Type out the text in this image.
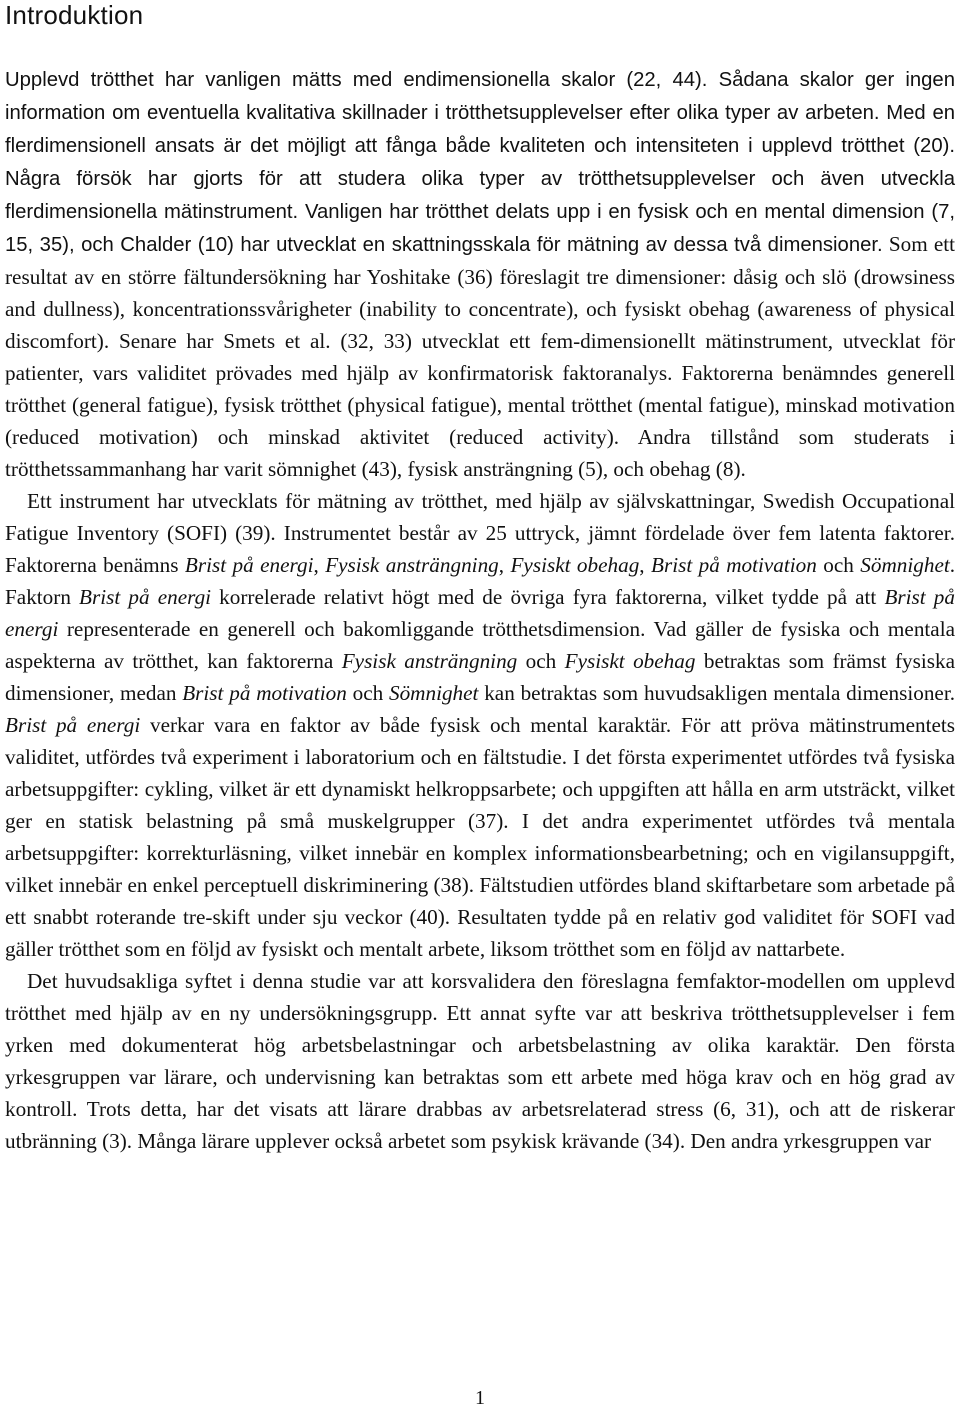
Introduktion

Upplevd trötthet har vanligen mätts med endimensionella skalor (22, 44). Sådana skalor ger ingen information om eventuella kvalitativa skillnader i trötthetsupplevelser efter olika typer av arbeten. Med en flerdimensionell ansats är det möjligt att fånga både kvaliteten och intensiteten i upplevd trötthet (20). Några försök har gjorts för att studera olika typer av trötthetsupplevelser och även utveckla flerdimensionella mätinstrument. Vanligen har trötthet delats upp i en fysisk och en mental dimension (7, 15, 35), och Chalder (10) har utvecklat en skattningsskala för mätning av dessa två dimensioner. Som ett resultat av en större fältundersökning har Yoshitake (36) föreslagit tre dimensioner: dåsig och slö (drowsiness and dullness), koncentrationssvårigheter (inability to concentrate), och fysiskt obehag (awareness of physical discomfort). Senare har Smets et al. (32, 33) utvecklat ett fem-dimensionellt mätinstrument, utvecklat för patienter, vars validitet prövades med hjälp av konfirmatorisk faktoranalys. Faktorerna benämndes generell trötthet (general fatigue), fysisk trötthet (physical fatigue), mental trötthet (mental fatigue), minskad motivation (reduced motivation) och minskad aktivitet (reduced activity). Andra tillstånd som studerats i trötthetssammanhang har varit sömnighet (43), fysisk ansträngning (5), och obehag (8).

Ett instrument har utvecklats för mätning av trötthet, med hjälp av självskattningar, Swedish Occupational Fatigue Inventory (SOFI) (39). Instrumentet består av 25 uttryck, jämnt fördelade över fem latenta faktorer. Faktorerna benämns Brist på energi, Fysisk ansträngning, Fysiskt obehag, Brist på motivation och Sömnighet. Faktorn Brist på energi korrelerade relativt högt med de övriga fyra faktorerna, vilket tydde på att Brist på energi representerade en generell och bakomliggande trötthetsdimension. Vad gäller de fysiska och mentala aspekterna av trötthet, kan faktorerna Fysisk ansträngning och Fysiskt obehag betraktas som främst fysiska dimensioner, medan Brist på motivation och Sömnighet kan betraktas som huvudsakligen mentala dimensioner. Brist på energi verkar vara en faktor av både fysisk och mental karaktär. För att pröva mätinstrumentets validitet, utfördes två experiment i laboratorium och en fältstudie. I det första experimentet utfördes två fysiska arbetsuppgifter: cykling, vilket är ett dynamiskt helkroppsarbete; och uppgiften att hålla en arm utsträckt, vilket ger en statisk belastning på små muskelgrupper (37). I det andra experimentet utfördes två mentala arbetsuppgifter: korrekturläsning, vilket innebär en komplex informationsbearbetning; och en vigilansuppgift, vilket innebär en enkel perceptuell diskriminering (38). Fältstudien utfördes bland skiftarbetare som arbetade på ett snabbt roterande tre-skift under sju veckor (40). Resultaten tydde på en relativ god validitet för SOFI vad gäller trötthet som en följd av fysiskt och mentalt arbete, liksom trötthet som en följd av nattarbete.

Det huvudsakliga syftet i denna studie var att korsvalidera den föreslagna femfaktor-modellen om upplevd trötthet med hjälp av en ny undersökningsgrupp. Ett annat syfte var att beskriva trötthetsupplevelser i fem yrken med dokumenterat hög arbetsbelastningar och arbetsbelastning av olika karaktär. Den första yrkesgruppen var lärare, och undervisning kan betraktas som ett arbete med höga krav och en hög grad av kontroll. Trots detta, har det visats att lärare drabbas av arbetsrelaterad stress (6, 31), och att de riskerar utbränning (3). Många lärare upplever också arbetet som psykisk krävande (34). Den andra yrkesgruppen var

1
